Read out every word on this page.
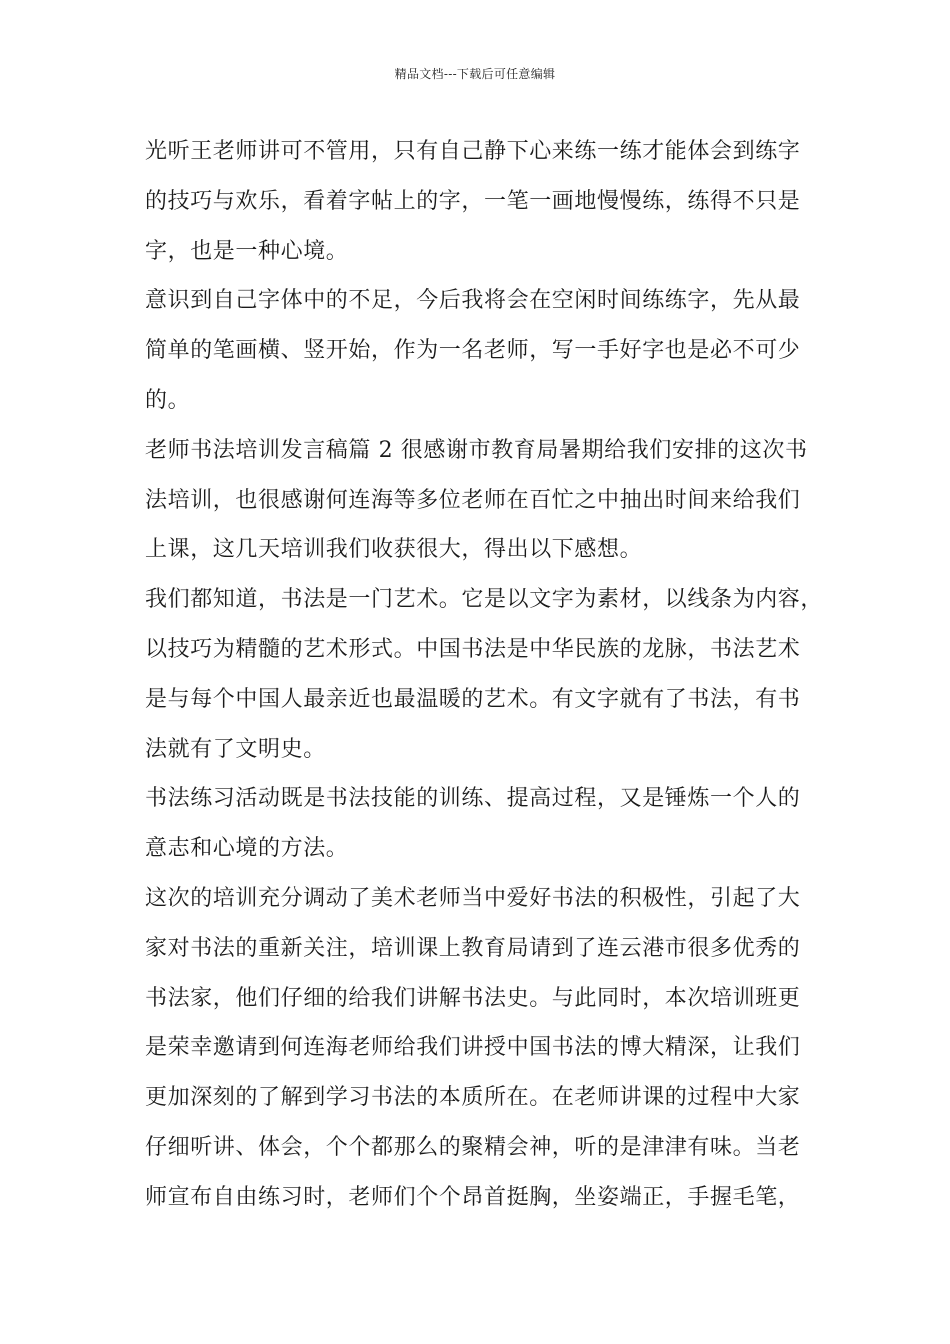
精品文档---下载后可任意编辑

光听王老师讲可不管用，只有自己静下心来练一练才能体会到练字
的技巧与欢乐，看着字帖上的字，一笔一画地慢慢练，练得不只是
字，也是一种心境。

意识到自己字体中的不足，今后我将会在空闲时间练练字，先从最
简单的笔画横、竖开始，作为一名老师，写一手好字也是必不可少
的。

老师书法培训发言稿篇 2 很感谢市教育局暑期给我们安排的这次书
法培训，也很感谢何连海等多位老师在百忙之中抽出时间来给我们
上课，这几天培训我们收获很大，得出以下感想。

我们都知道，书法是一门艺术。它是以文字为素材，以线条为内容，
以技巧为精髓的艺术形式。中国书法是中华民族的龙脉，书法艺术
是与每个中国人最亲近也最温暖的艺术。有文字就有了书法，有书
法就有了文明史。

书法练习活动既是书法技能的训练、提高过程，又是锤炼一个人的
意志和心境的方法。

这次的培训充分调动了美术老师当中爱好书法的积极性，引起了大
家对书法的重新关注，培训课上教育局请到了连云港市很多优秀的
书法家，他们仔细的给我们讲解书法史。与此同时，本次培训班更
是荣幸邀请到何连海老师给我们讲授中国书法的博大精深，让我们
更加深刻的了解到学习书法的本质所在。在老师讲课的过程中大家
仔细听讲、体会，个个都那么的聚精会神，听的是津津有味。当老
师宣布自由练习时，老师们个个昂首挺胸，坐姿端正，手握毛笔，
